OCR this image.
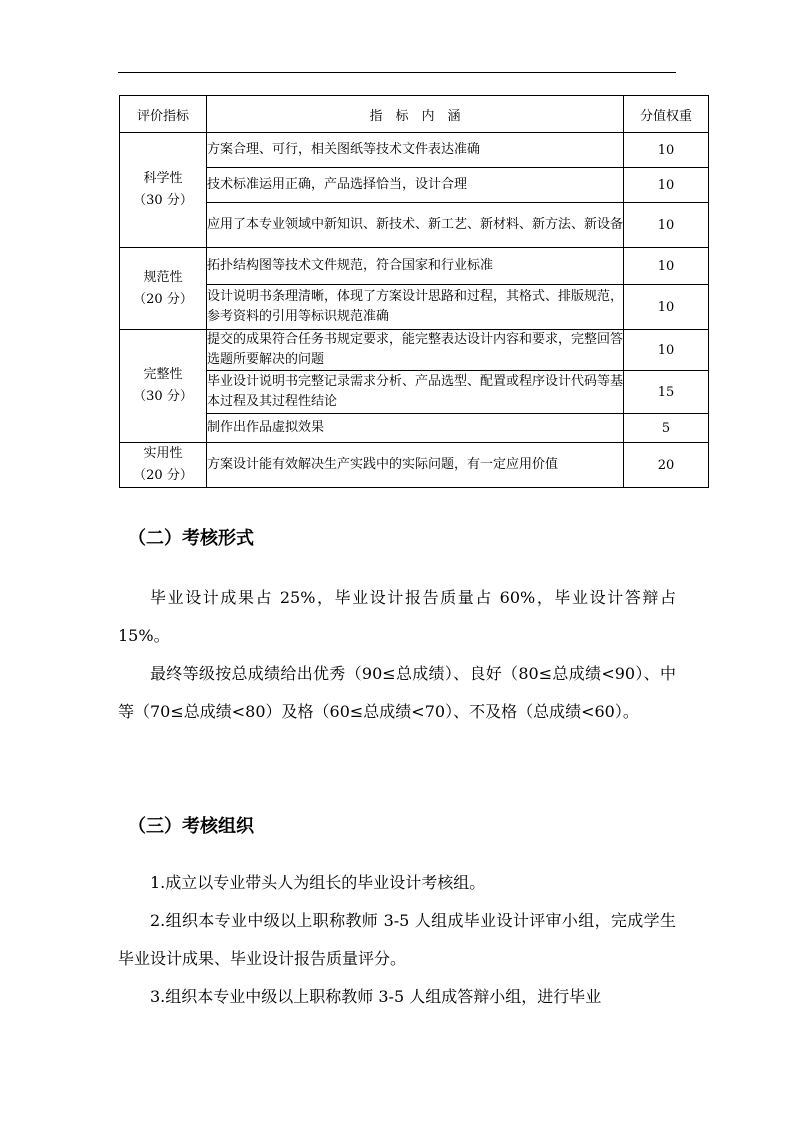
评价指标	指　标　内　涵	分值权重

科学性
（30 分）	方案合理、可行，相关图纸等技术文件表达准确	10
	技术标准运用正确，产品选择恰当，设计合理	10
	应用了本专业领域中新知识、新技术、新工艺、新材料、新方法、新设备	10

规范性
（20 分）	拓扑结构图等技术文件规范，符合国家和行业标准	10
	设计说明书条理清晰，体现了方案设计思路和过程，其格式、排版规范，参考资料的引用等标识规范准确	10

完整性
（30 分）	提交的成果符合任务书规定要求，能完整表达设计内容和要求，完整回答选题所要解决的问题	10
	毕业设计说明书完整记录需求分析、产品选型、配置或程序设计代码等基本过程及其过程性结论	15
	制作出作品虚拟效果	5

实用性
（20 分）	方案设计能有效解决生产实践中的实际问题，有一定应用价值	20
（二）考核形式

毕业设计成果占 25%，毕业设计报告质量占 60%，毕业设计答辩占 15%。

最终等级按总成绩给出优秀（90≤总成绩）、良好（80≤总成绩<90）、中等（70≤总成绩<80）及格（60≤总成绩<70）、不及格（总成绩<60）。

（三）考核组织

1.成立以专业带头人为组长的毕业设计考核组。

2.组织本专业中级以上职称教师 3-5 人组成毕业设计评审小组，完成学生毕业设计成果、毕业设计报告质量评分。

3.组织本专业中级以上职称教师 3-5 人组成答辩小组，进行毕业
